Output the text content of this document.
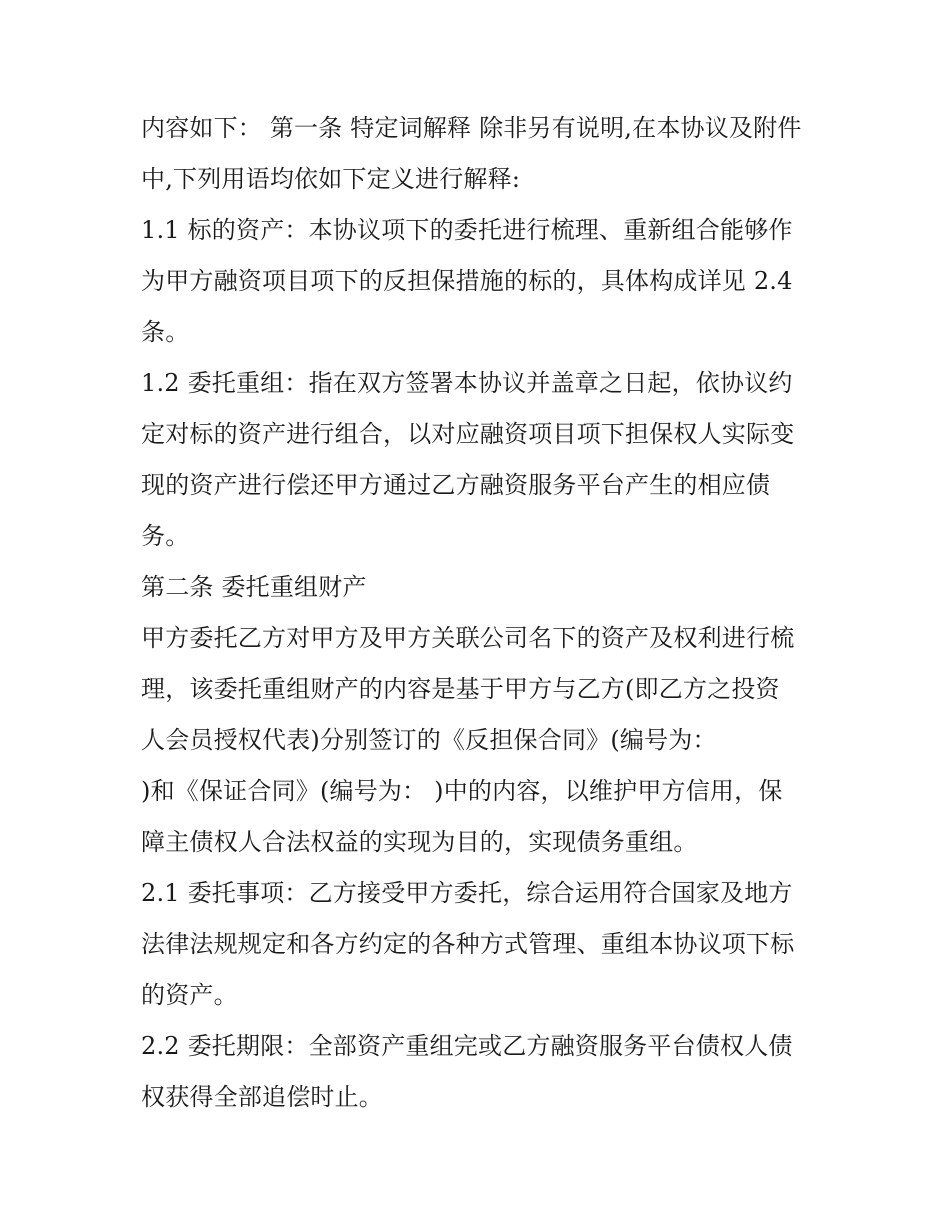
内容如下： 第一条 特定词解释 除非另有说明,在本协议及附件
中,下列用语均依如下定义进行解释:
1.1 标的资产：本协议项下的委托进行梳理、重新组合能够作
为甲方融资项目项下的反担保措施的标的，具体构成详见 2.4
条。
1.2 委托重组：指在双方签署本协议并盖章之日起，依协议约
定对标的资产进行组合，以对应融资项目项下担保权人实际变
现的资产进行偿还甲方通过乙方融资服务平台产生的相应债
务。
第二条 委托重组财产
甲方委托乙方对甲方及甲方关联公司名下的资产及权利进行梳
理，该委托重组财产的内容是基于甲方与乙方(即乙方之投资
人会员授权代表)分别签订的《反担保合同》(编号为：
)和《保证合同》(编号为： )中的内容，以维护甲方信用，保
障主债权人合法权益的实现为目的，实现债务重组。
2.1 委托事项：乙方接受甲方委托，综合运用符合国家及地方
法律法规规定和各方约定的各种方式管理、重组本协议项下标
的资产。
2.2 委托期限：全部资产重组完或乙方融资服务平台债权人债
权获得全部追偿时止。
